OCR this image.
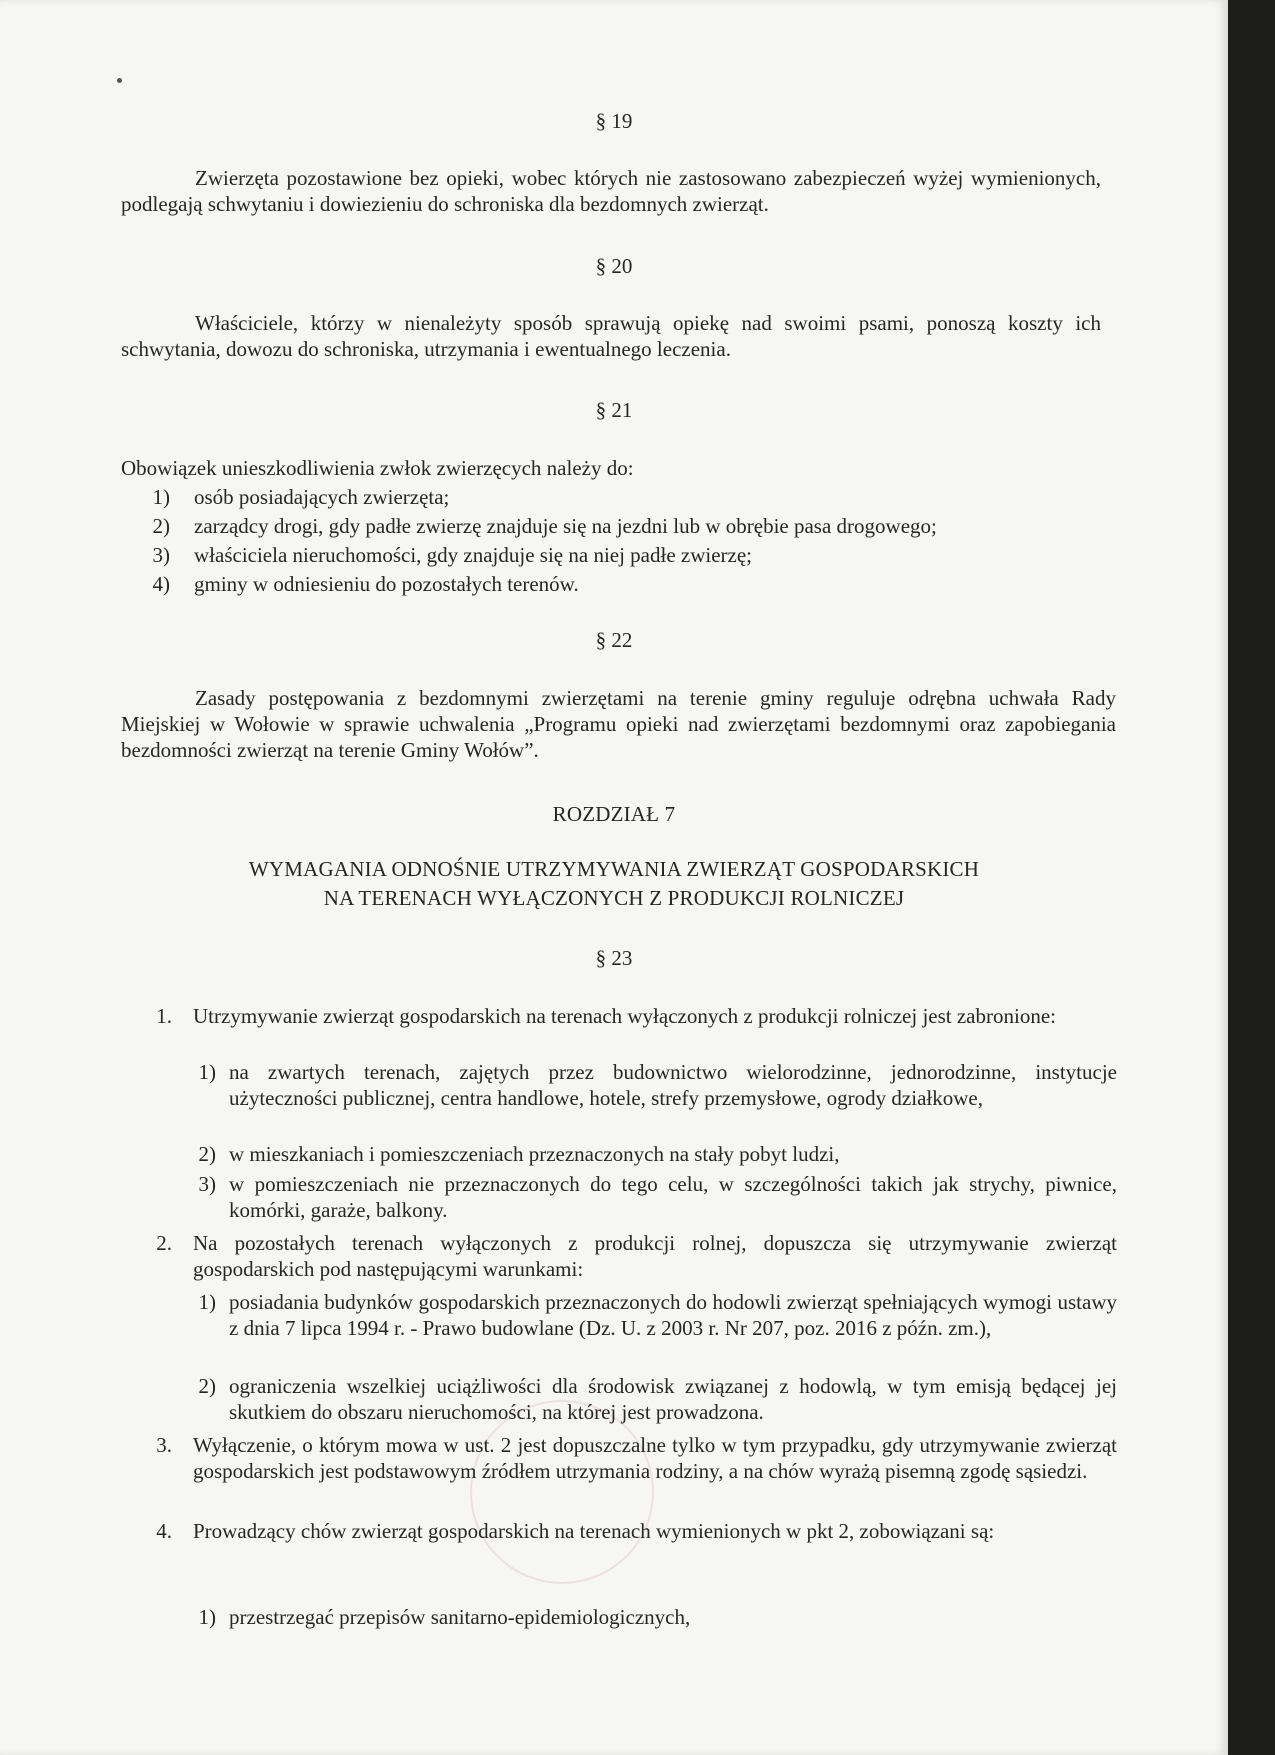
§ 19
Zwierzęta pozostawione bez opieki, wobec których nie zastosowano zabezpieczeń wyżej wymienionych, podlegają schwytaniu i dowiezieniu do schroniska dla bezdomnych zwierząt.
§ 20
Właściciele, którzy w nienależyty sposób sprawują opiekę nad swoimi psami, ponoszą koszty ich schwytania, dowozu do schroniska, utrzymania i ewentualnego leczenia.
§ 21
Obowiązek unieszkodliwienia zwłok zwierzęcych należy do:
1) osób posiadających zwierzęta;
2) zarządcy drogi, gdy padłe zwierzę znajduje się na jezdni lub w obrębie pasa drogowego;
3) właściciela nieruchomości, gdy znajduje się na niej padłe zwierzę;
4) gminy w odniesieniu do pozostałych terenów.
§ 22
Zasady postępowania z bezdomnymi zwierzętami na terenie gminy reguluje odrębna uchwała Rady Miejskiej w Wołowie w sprawie uchwalenia „Programu opieki nad zwierzętami bezdomnymi oraz zapobiegania bezdomności zwierząt na terenie Gminy Wołów”.
ROZDZIAŁ 7
WYMAGANIA ODNOŚNIE UTRZYMYWANIA ZWIERZĄT GOSPODARSKICH
NA TERENACH WYŁĄCZONYCH Z PRODUKCJI ROLNICZEJ
§ 23
1. Utrzymywanie zwierząt gospodarskich na terenach wyłączonych z produkcji rolniczej jest zabronione:
1) na zwartych terenach, zajętych przez budownictwo wielorodzinne, jednorodzinne, instytucje użyteczności publicznej, centra handlowe, hotele, strefy przemysłowe, ogrody działkowe,
2) w mieszkaniach i pomieszczeniach przeznaczonych na stały pobyt ludzi,
3) w pomieszczeniach nie przeznaczonych do tego celu, w szczególności takich jak strychy, piwnice, komórki, garaże, balkony.
2. Na pozostałych terenach wyłączonych z produkcji rolnej, dopuszcza się utrzymywanie zwierząt gospodarskich pod następującymi warunkami:
1) posiadania budynków gospodarskich przeznaczonych do hodowli zwierząt spełniających wymogi ustawy z dnia 7 lipca 1994 r. - Prawo budowlane (Dz. U. z 2003 r. Nr 207, poz. 2016 z późn. zm.),
2) ograniczenia wszelkiej uciążliwości dla środowisk związanej z hodowlą, w tym emisją będącej jej skutkiem do obszaru nieruchomości, na której jest prowadzona.
3. Wyłączenie, o którym mowa w ust. 2 jest dopuszczalne tylko w tym przypadku, gdy utrzymywanie zwierząt gospodarskich jest podstawowym źródłem utrzymania rodziny, a na chów wyrażą pisemną zgodę sąsiedzi.
4. Prowadzący chów zwierząt gospodarskich na terenach wymienionych w pkt 2, zobowiązani są:
1) przestrzegać przepisów sanitarno-epidemiologicznych,
